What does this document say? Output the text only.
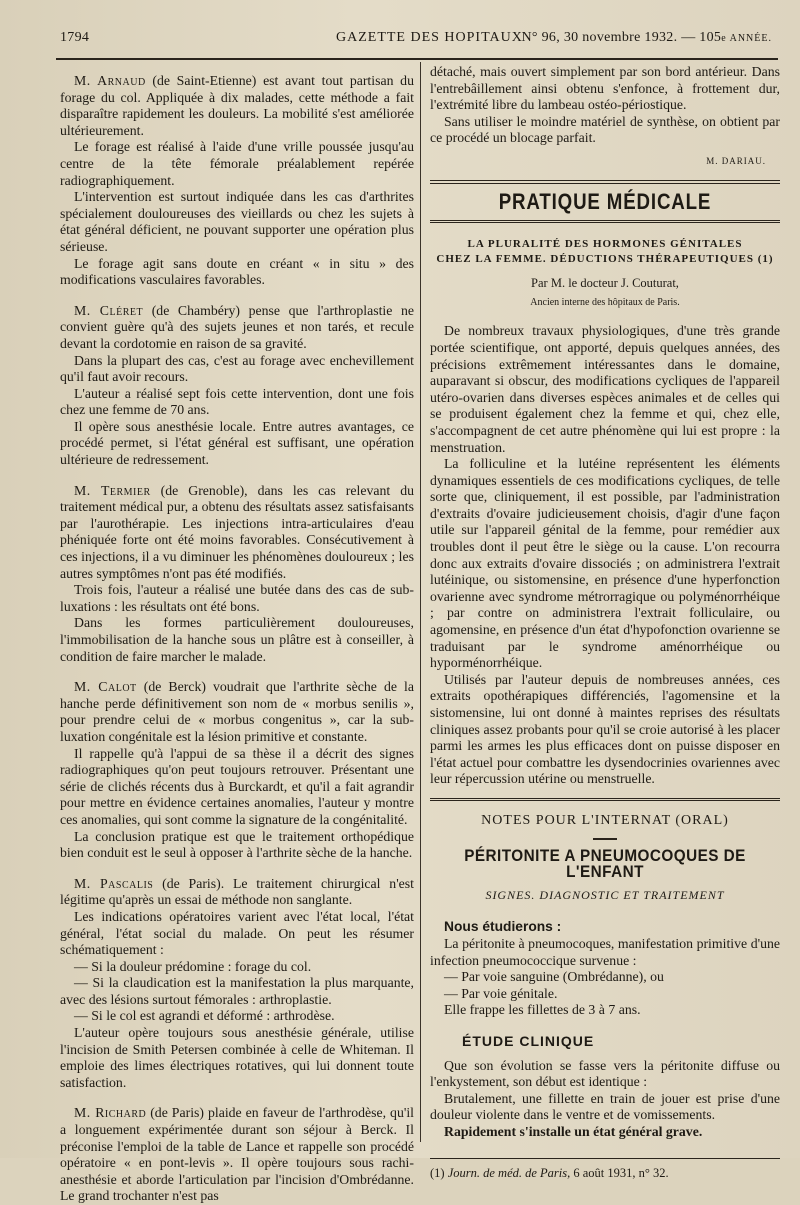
1794	GAZETTE DES HOPITAUX
N° 96, 30 novembre 1932. — 105e ANNÉE.

M. Arnaud (de Saint-Etienne) est avant tout partisan du forage du col. Appliquée à dix malades, cette méthode a fait disparaître rapidement les douleurs. La mobilité s'est améliorée ultérieurement.

Le forage est réalisé à l'aide d'une vrille poussée jusqu'au centre de la tête fémorale préalablement repérée radiographiquement.

L'intervention est surtout indiquée dans les cas d'arthrites spécialement douloureuses des vieillards ou chez les sujets à état général déficient, ne pouvant supporter une opération plus sérieuse.

Le forage agit sans doute en créant « in situ » des modifications vasculaires favorables.

M. Cléret (de Chambéry) pense que l'arthroplastie ne convient guère qu'à des sujets jeunes et non tarés, et recule devant la cordotomie en raison de sa gravité.

Dans la plupart des cas, c'est au forage avec enchevillement qu'il faut avoir recours.

L'auteur a réalisé sept fois cette intervention, dont une fois chez une femme de 70 ans.

Il opère sous anesthésie locale. Entre autres avantages, ce procédé permet, si l'état général est suffisant, une opération ultérieure de redressement.

M. Termier (de Grenoble), dans les cas relevant du traitement médical pur, a obtenu des résultats assez satisfaisants par l'aurothérapie. Les injections intra-articulaires d'eau phéniquée forte ont été moins favorables. Consécutivement à ces injections, il a vu diminuer les phénomènes douloureux ; les autres symptômes n'ont pas été modifiés.

Trois fois, l'auteur a réalisé une butée dans des cas de sub-luxations : les résultats ont été bons.

Dans les formes particulièrement douloureuses, l'immobilisation de la hanche sous un plâtre est à conseiller, à condition de faire marcher le malade.

M. Calot (de Berck) voudrait que l'arthrite sèche de la hanche perde définitivement son nom de « morbus senilis », pour prendre celui de « morbus congenitus », car la sub-luxation congénitale est la lésion primitive et constante.

Il rappelle qu'à l'appui de sa thèse il a décrit des signes radiographiques qu'on peut toujours retrouver. Présentant une série de clichés récents dus à Burckardt, et qu'il a fait agrandir pour mettre en évidence certaines anomalies, l'auteur y montre ces anomalies, qui sont comme la signature de la congénitalité.

La conclusion pratique est que le traitement orthopédique bien conduit est le seul à opposer à l'arthrite sèche de la hanche.

M. Pascalis (de Paris). Le traitement chirurgical n'est légitime qu'après un essai de méthode non sanglante.

Les indications opératoires varient avec l'état local, l'état général, l'état social du malade. On peut les résumer schématiquement :

— Si la douleur prédomine : forage du col.

— Si la claudication est la manifestation la plus marquante, avec des lésions surtout fémorales : arthroplastie.

— Si le col est agrandi et déformé : arthrodèse.

L'auteur opère toujours sous anesthésie générale, utilise l'incision de Smith Petersen combinée à celle de Whiteman. Il emploie des limes électriques rotatives, qui lui donnent toute satisfaction.

M. Richard (de Paris) plaide en faveur de l'arthrodèse, qu'il a longuement expérimentée durant son séjour à Berck. Il préconise l'emploi de la table de Lance et rappelle son procédé opératoire « en pont-levis ». Il opère toujours sous rachi-anesthésie et aborde l'articulation par l'incision d'Ombrédanne. Le grand trochanter n'est pas

détaché, mais ouvert simplement par son bord antérieur. Dans l'entrebâillement ainsi obtenu s'enfonce, à frottement dur, l'extrémité libre du lambeau ostéo-périostique.

Sans utiliser le moindre matériel de synthèse, on obtient par ce procédé un blocage parfait.

M. DARIAU.
PRATIQUE MÉDICALE
LA PLURALITÉ DES HORMONES GÉNITALES
CHEZ LA FEMME. DÉDUCTIONS THÉRAPEUTIQUES (1)
Par M. le docteur J. Couturat,
Ancien interne des hôpitaux de Paris.

De nombreux travaux physiologiques, d'une très grande portée scientifique, ont apporté, depuis quelques années, des précisions extrêmement intéressantes dans le domaine, auparavant si obscur, des modifications cycliques de l'appareil utéro-ovarien dans diverses espèces animales et de celles qui se produisent également chez la femme et qui, chez elle, s'accompagnent de cet autre phénomène qui lui est propre : la menstruation.

La folliculine et la lutéine représentent les éléments dynamiques essentiels de ces modifications cycliques, de telle sorte que, cliniquement, il est possible, par l'administration d'extraits d'ovaire judicieusement choisis, d'agir d'une façon utile sur l'appareil génital de la femme, pour remédier aux troubles dont il peut être le siège ou la cause. L'on recourra donc aux extraits d'ovaire dissociés ; on administrera l'extrait lutéinique, ou sistomensine, en présence d'une hyperfonction ovarienne avec syndrome métrorragique ou polyménorrhéique ; par contre on administrera l'extrait folliculaire, ou agomensine, en présence d'un état d'hypofonction ovarienne se traduisant par le syndrome aménorrhéique ou hyporménorrhéique.

Utilisés par l'auteur depuis de nombreuses années, ces extraits opothérapiques différenciés, l'agomensine et la sistomensine, lui ont donné à maintes reprises des résultats cliniques assez probants pour qu'il se croie autorisé à les placer parmi les armes les plus efficaces dont on puisse disposer en l'état actuel pour combattre les dysendocrinies ovariennes avec leur répercussion utérine ou menstruelle.

NOTES POUR L'INTERNAT (ORAL)
PÉRITONITE A PNEUMOCOQUES DE L'ENFANT
SIGNES. DIAGNOSTIC ET TRAITEMENT

Nous étudierons :

La péritonite à pneumocoques, manifestation primitive d'une infection pneumococcique survenue :

— Par voie sanguine (Ombrédanne), ou

— Par voie génitale.

Elle frappe les fillettes de 3 à 7 ans.

ÉTUDE CLINIQUE

Que son évolution se fasse vers la péritonite diffuse ou l'enkystement, son début est identique :

Brutalement, une fillette en train de jouer est prise d'une douleur violente dans le ventre et de vomissements.

Rapidement s'installe un état général grave.

(1) Journ. de méd. de Paris, 6 août 1931, n° 32.
